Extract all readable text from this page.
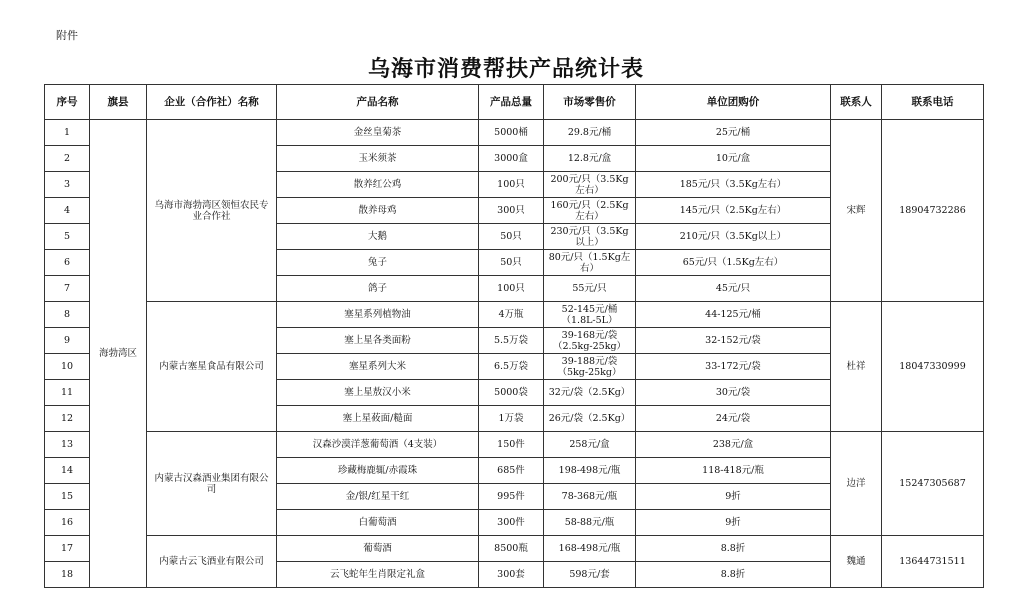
附件
乌海市消费帮扶产品统计表
序号	旗县	企业（合作社）名称	产品名称	产品总量	市场零售价	单位团购价	联系人	联系电话
1	海勃湾区	乌海市海勃湾区领恒农民专业合作社	金丝皇菊茶	5000桶	29.8元/桶	25元/桶	宋辉	18904732286
2			玉米须茶	3000盒	12.8元/盒	10元/盒		
3			散养红公鸡	100只	200元/只（3.5Kg左右）	185元/只（3.5Kg左右）		
4			散养母鸡	300只	160元/只（2.5Kg左右）	145元/只（2.5Kg左右）		
5			大鹅	50只	230元/只（3.5Kg以上）	210元/只（3.5Kg以上）		
6			兔子	50只	80元/只（1.5Kg左右）	65元/只（1.5Kg左右）		
7			鸽子	100只	55元/只	45元/只		
8		内蒙古塞星食品有限公司	塞星系列植物油	4万瓶	52-145元/桶（1.8L-5L）	44-125元/桶	杜祥	18047330999
9			塞上星各类面粉	5.5万袋	39-168元/袋（2.5kg-25kg）	32-152元/袋		
10			塞星系列大米	6.5万袋	39-188元/袋（5kg-25kg）	33-172元/袋		
11			塞上星敖汉小米	5000袋	32元/袋（2.5Kg）	30元/袋		
12			塞上星莜面/糙面	1万袋	26元/袋（2.5Kg）	24元/袋		
13		内蒙古汉森酒业集团有限公司	汉森沙漠洋葱葡萄酒（4支装）	150件	258元/盒	238元/盒	边洋	15247305687
14			珍藏梅鹿辄/赤霞珠	685件	198-498元/瓶	118-418元/瓶		
15			金/银/红星干红	995件	78-368元/瓶	9折		
16			白葡萄酒	300件	58-88元/瓶	9折		
17		内蒙古云飞酒业有限公司	葡萄酒	8500瓶	168-498元/瓶	8.8折	魏通	13644731511
18			云飞蛇年生肖限定礼盒	300套	598元/套	8.8折		
